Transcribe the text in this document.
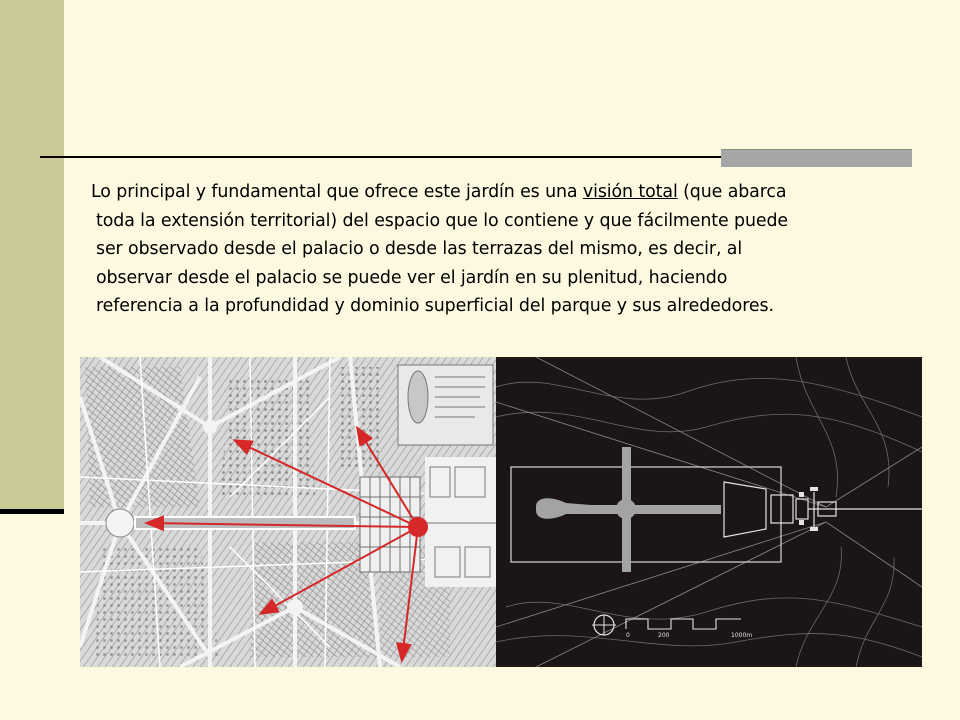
Lo principal y fundamental que ofrece este jardín es una visión total (que abarca
toda la extensión territorial) del espacio que lo contiene y que fácilmente puede
ser observado desde el palacio o desde las terrazas del mismo, es decir, al
observar desde el palacio se puede ver el jardín en su plenitud, haciendo
referencia a la profundidad y dominio superficial del parque y sus alrededores.

0	200	1000m
